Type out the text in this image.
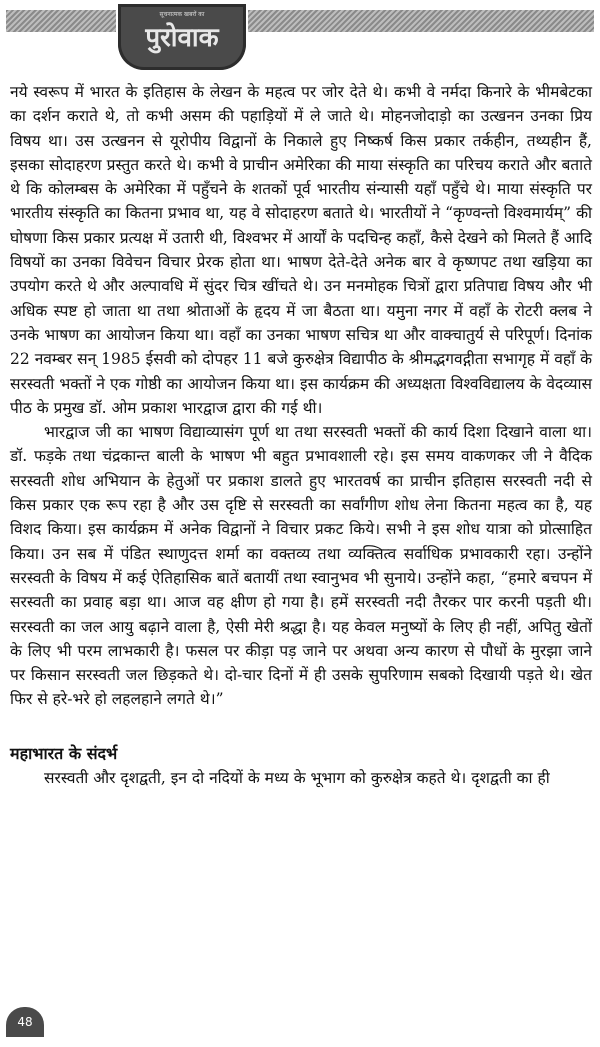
सूचनात्मक खबरों का
पुरोवाक

नये स्वरूप में भारत के इतिहास के लेखन के महत्व पर जोर देते थे। कभी वे नर्मदा किनारे के भीमबेटका का दर्शन कराते थे, तो कभी असम की पहाड़ियों में ले जाते थे। मोहनजोदाड़ो का उत्खनन उनका प्रिय विषय था। उस उत्खनन से यूरोपीय विद्वानों के निकाले हुए निष्कर्ष किस प्रकार तर्कहीन, तथ्यहीन हैं, इसका सोदाहरण प्रस्तुत करते थे। कभी वे प्राचीन अमेरिका की माया संस्कृति का परिचय कराते और बताते थे कि कोलम्बस के अमेरिका में पहुँचने के शतकों पूर्व भारतीय संन्यासी यहाँ पहुँचे थे। माया संस्कृति पर भारतीय संस्कृति का कितना प्रभाव था, यह वे सोदाहरण बताते थे। भारतीयों ने “कृण्वन्तो विश्वमार्यम्” की घोषणा किस प्रकार प्रत्यक्ष में उतारी थी, विश्वभर में आर्यों के पदचिन्ह कहाँ, कैसे देखने को मिलते हैं आदि विषयों का उनका विवेचन विचार प्रेरक होता था। भाषण देते-देते अनेक बार वे कृष्णपट तथा खड़िया का उपयोग करते थे और अल्पावधि में सुंदर चित्र खींचते थे। उन मनमोहक चित्रों द्वारा प्रतिपाद्य विषय और भी अधिक स्पष्ट हो जाता था तथा श्रोताओं के हृदय में जा बैठता था। यमुना नगर में वहाँ के रोटरी क्लब ने उनके भाषण का आयोजन किया था। वहाँ का उनका भाषण सचित्र था और वाक्चातुर्य से परिपूर्ण। दिनांक 22 नवम्बर सन् 1985 ईसवी को दोपहर 11 बजे कुरुक्षेत्र विद्यापीठ के श्रीमद्भगवद्गीता सभागृह में वहाँ के सरस्वती भक्तों ने एक गोष्ठी का आयोजन किया था। इस कार्यक्रम की अध्यक्षता विश्वविद्यालय के वेदव्यास पीठ के प्रमुख डॉ. ओम प्रकाश भारद्वाज द्वारा की गई थी।

भारद्वाज जी का भाषण विद्याव्यासंग पूर्ण था तथा सरस्वती भक्तों की कार्य दिशा दिखाने वाला था। डॉ. फड़के तथा चंद्रकान्त बाली के भाषण भी बहुत प्रभावशाली रहे। इस समय वाकणकर जी ने वैदिक सरस्वती शोध अभियान के हेतुओं पर प्रकाश डालते हुए भारतवर्ष का प्राचीन इतिहास सरस्वती नदी से किस प्रकार एक रूप रहा है और उस दृष्टि से सरस्वती का सर्वांगीण शोध लेना कितना महत्व का है, यह विशद किया। इस कार्यक्रम में अनेक विद्वानों ने विचार प्रकट किये। सभी ने इस शोध यात्रा को प्रोत्साहित किया। उन सब में पंडित स्थाणुदत्त शर्मा का वक्तव्य तथा व्यक्तित्व सर्वाधिक प्रभावकारी रहा। उन्होंने सरस्वती के विषय में कई ऐतिहासिक बातें बतायीं तथा स्वानुभव भी सुनाये। उन्होंने कहा, “हमारे बचपन में सरस्वती का प्रवाह बड़ा था। आज वह क्षीण हो गया है। हमें सरस्वती नदी तैरकर पार करनी पड़ती थी। सरस्वती का जल आयु बढ़ाने वाला है, ऐसी मेरी श्रद्धा है। यह केवल मनुष्यों के लिए ही नहीं, अपितु खेतों के लिए भी परम लाभकारी है। फसल पर कीड़ा पड़ जाने पर अथवा अन्य कारण से पौधों के मुरझा जाने पर किसान सरस्वती जल छिड़कते थे। दो-चार दिनों में ही उसके सुपरिणाम सबको दिखायी पड़ते थे। खेत फिर से हरे-भरे हो लहलहाने लगते थे।”

महाभारत के संदर्भ

सरस्वती और दृशद्वती, इन दो नदियों के मध्य के भूभाग को कुरुक्षेत्र कहते थे। दृशद्वती का ही

48
